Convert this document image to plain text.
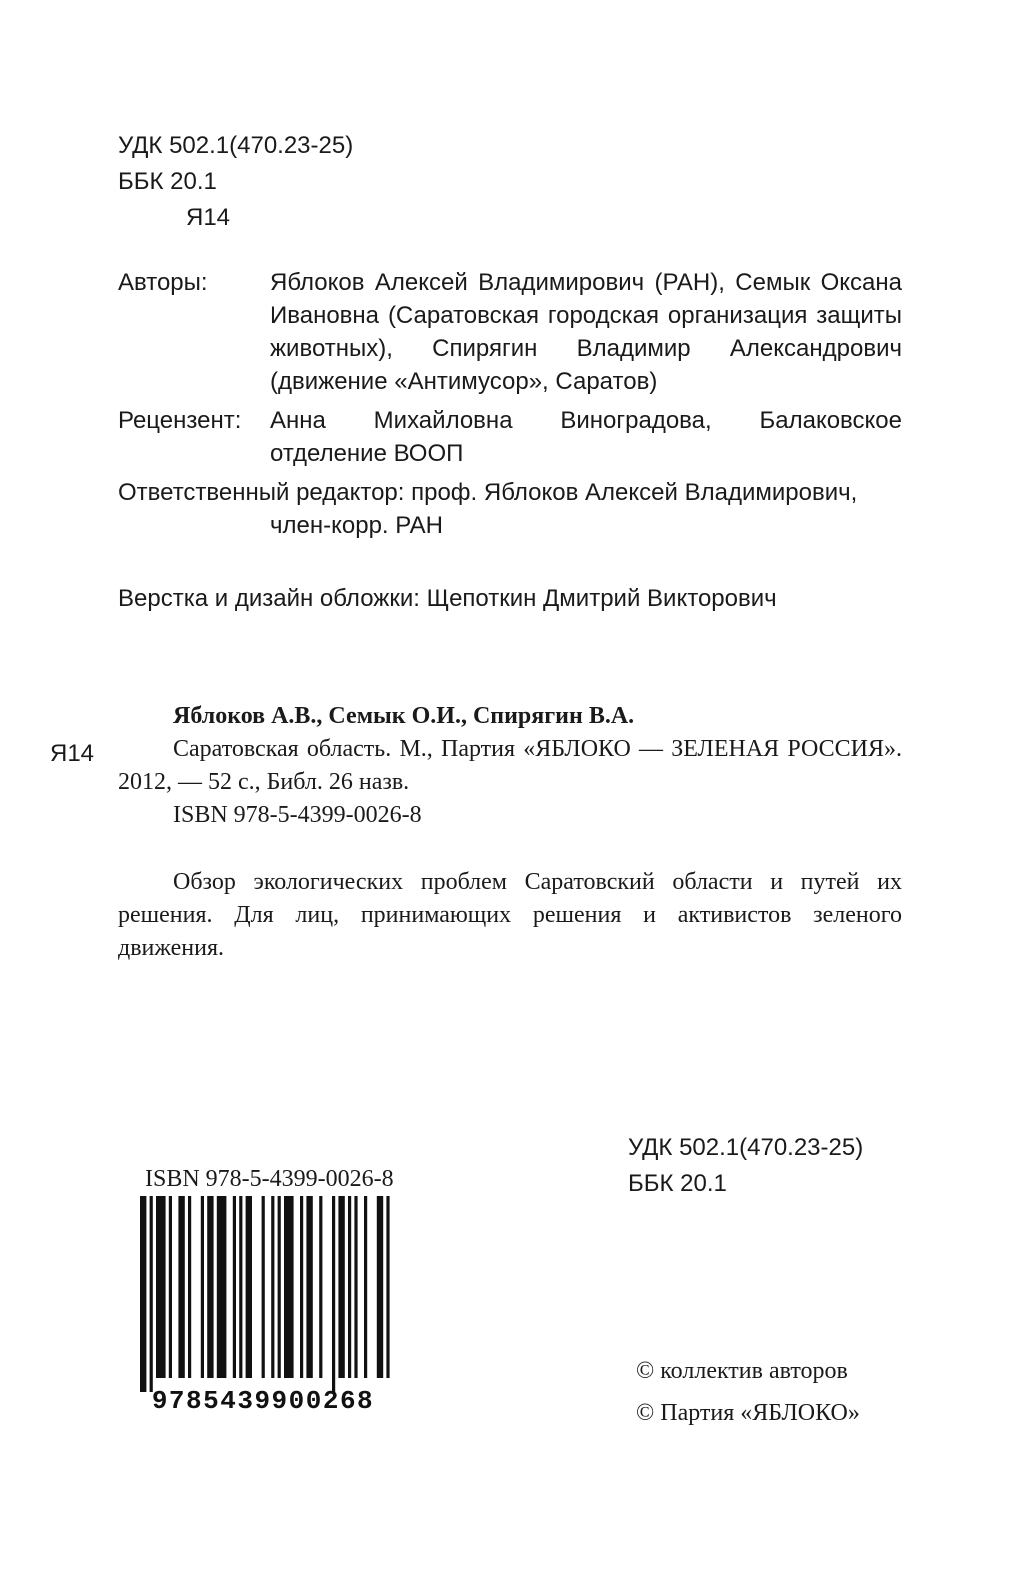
УДК 502.1(470.23-25)
ББК 20.1
Я14
Авторы:	Яблоков Алексей Владимирович (РАН), Семык Оксана Ивановна (Саратовская городская организация защиты животных), Спирягин Владимир Александрович (движение «Антимусор», Саратов)
Рецензент:	Анна Михайловна Виноградова, Балаковское отделение ВООП
Ответственный редактор: проф. Яблоков Алексей Владимирович,
член-корр. РАН
Верстка и дизайн обложки: Щепоткин Дмитрий Викторович
Я14
Яблоков А.В., Семык О.И., Спирягин В.А.
Саратовская область. М., Партия «ЯБЛОКО — ЗЕЛЕНАЯ РОССИЯ». 2012, — 52 с., Библ. 26 назв.
ISBN 978-5-4399-0026-8
Обзор экологических проблем Саратовский области и путей их решения. Для лиц, принимающих решения и активистов зеленого движения.
УДК 502.1(470.23-25)
ББК 20.1
ISBN 978-5-4399-0026-8
9785439900268
© коллектив авторов
© Партия «ЯБЛОКО»
